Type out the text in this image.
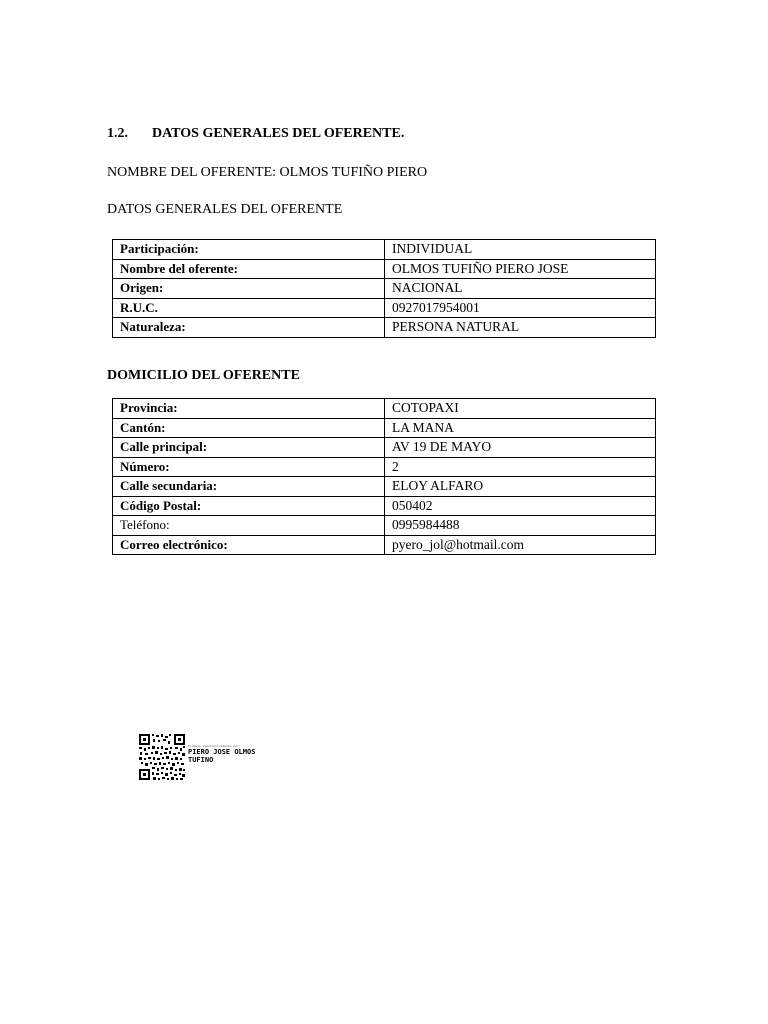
1.2. DATOS GENERALES DEL OFERENTE.
NOMBRE DEL OFERENTE: OLMOS TUFIÑO PIERO
DATOS GENERALES DEL OFERENTE
Participación:	INDIVIDUAL
Nombre del oferente:	OLMOS TUFIÑO PIERO JOSE
Origen:	NACIONAL
R.U.C.	0927017954001
Naturaleza:	PERSONA NATURAL
DOMICILIO DEL OFERENTE
Provincia:	COTOPAXI
Cantón:	LA MANA
Calle principal:	AV 19 DE MAYO
Número:	2
Calle secundaria:	ELOY ALFARO
Código Postal:	050402
Teléfono:	0995984488
Correo electrónico:	pyero_jol@hotmail.com
Firmado electrónicamente por:
PIERO JOSE OLMOS
TUFINO
